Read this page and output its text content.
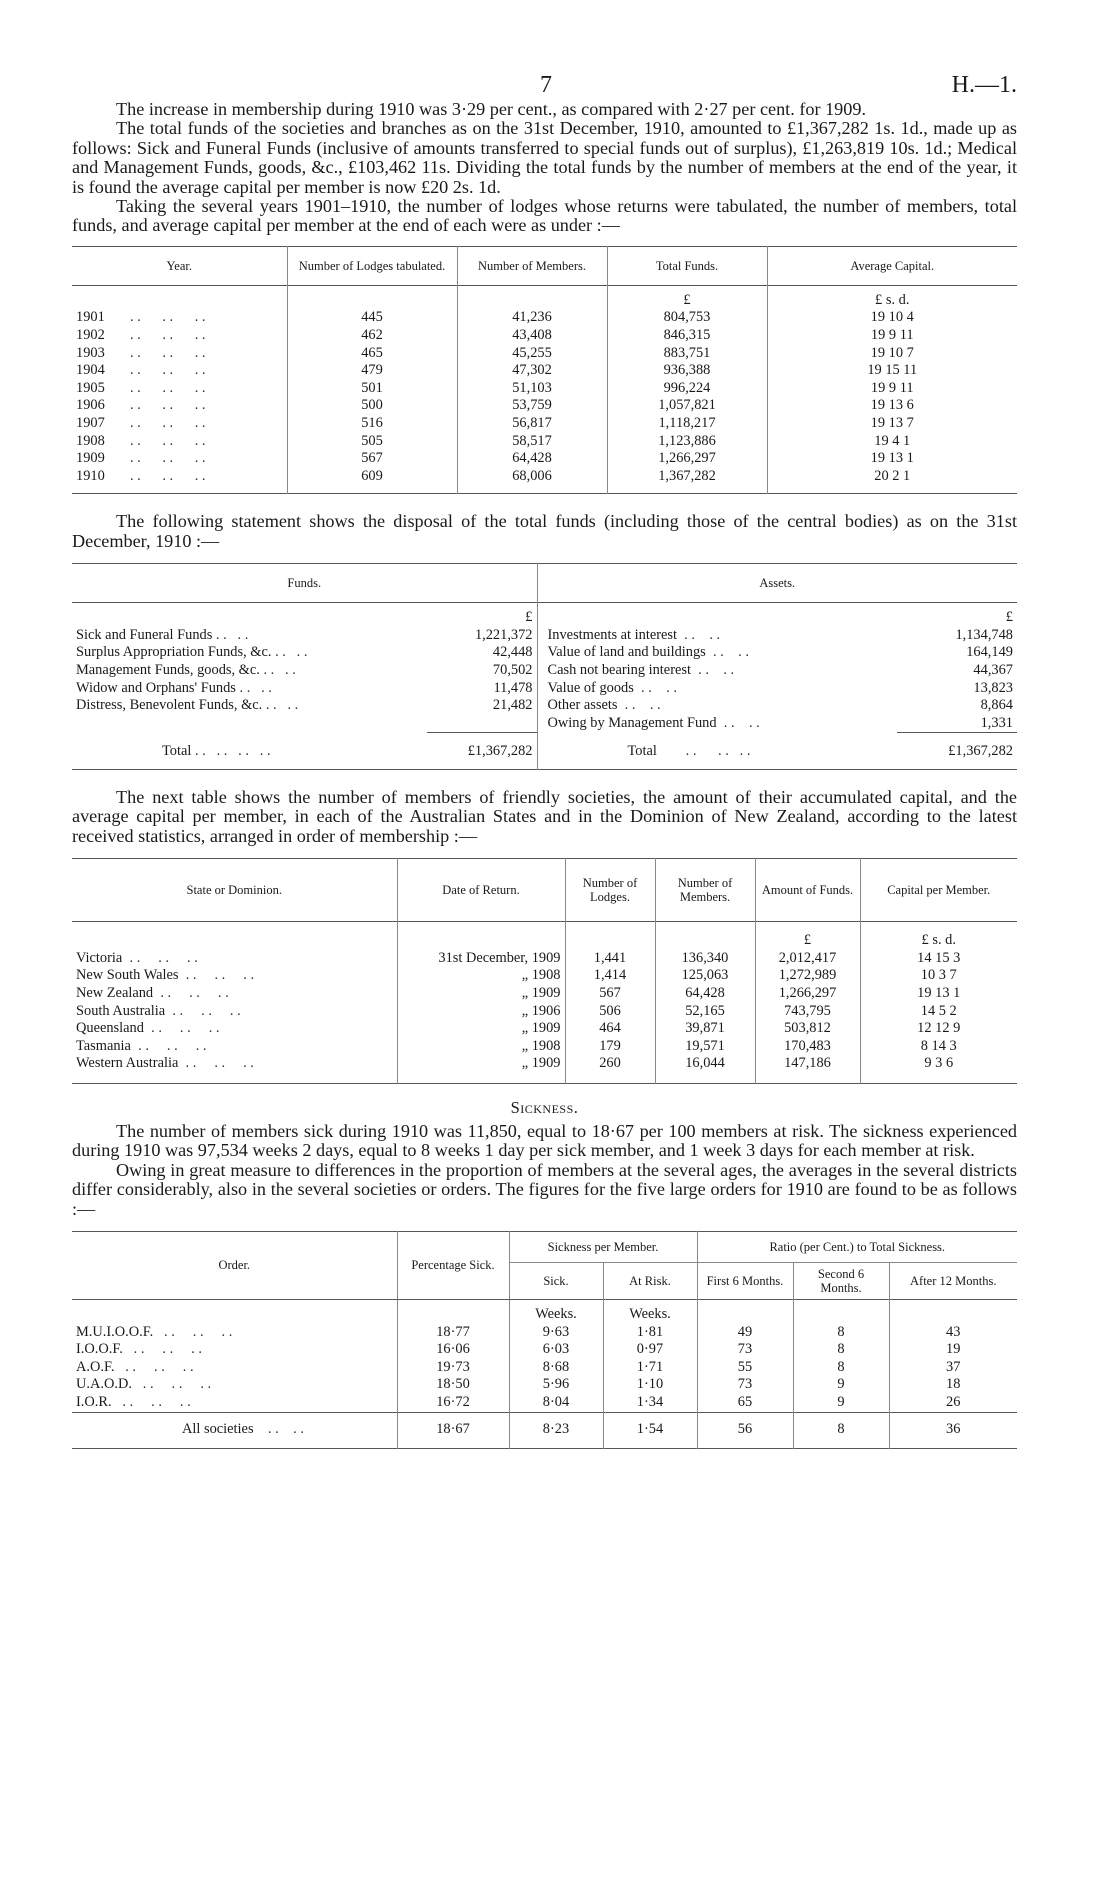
7	H.—1.

The increase in membership during 1910 was 3·29 per cent., as compared with 2·27 per cent. for 1909.

The total funds of the societies and branches as on the 31st December, 1910, amounted to £1,367,282 1s. 1d., made up as follows: Sick and Funeral Funds (inclusive of amounts transferred to special funds out of surplus), £1,263,819 10s. 1d.; Medical and Management Funds, goods, &c., £103,462 11s. Dividing the total funds by the number of members at the end of the year, it is found the average capital per member is now £20 2s. 1d.

Taking the several years 1901–1910, the number of lodges whose returns were tabulated, the number of members, total funds, and average capital per member at the end of each were as under :—

Year.	Number of Lodges tabulated.	Number of Members.	Total Funds.	Average Capital.
			£	£ s. d.
1901       . .      . .      . .	445	41,236	804,753	19 10 4
1902       . .      . .      . .	462	43,408	846,315	19 9 11
1903       . .      . .      . .	465	45,255	883,751	19 10 7
1904       . .      . .      . .	479	47,302	936,388	19 15 11
1905       . .      . .      . .	501	51,103	996,224	19 9 11
1906       . .      . .      . .	500	53,759	1,057,821	19 13 6
1907       . .      . .      . .	516	56,817	1,118,217	19 13 7
1908       . .      . .      . .	505	58,517	1,123,886	19 4 1
1909       . .      . .      . .	567	64,428	1,266,297	19 13 1
1910       . .      . .      . .	609	68,006	1,367,282	20 2 1

The following statement shows the disposal of the total funds (including those of the central bodies) as on the 31st December, 1910 :—

Funds.		Assets.	
	£		£
Sick and Funeral Funds . .   . .	1,221,372	Investments at interest  . .    . .	1,134,748
Surplus Appropriation Funds, &c. . .   . .	42,448	Value of land and buildings  . .    . .	164,149
Management Funds, goods, &c. . .   . .	70,502	Cash not bearing interest  . .    . .	44,367
Widow and Orphans' Funds . .   . .	11,478	Value of goods  . .    . .	13,823
Distress, Benevolent Funds, &c. . .   . .	21,482	Other assets  . .    . .	8,864
		Owing by Management Fund  . .    . .	1,331
Total . .   . .   . .   . .	£1,367,282	Total        . .      . .   . .	£1,367,282

The next table shows the number of members of friendly societies, the amount of their accumulated capital, and the average capital per member, in each of the Australian States and in the Dominion of New Zealand, according to the latest received statistics, arranged in order of membership :—

State or Dominion.	Date of Return.	Number of Lodges.	Number of Members.	Amount of Funds.	Capital per Member.
				£	£ s. d.
Victoria  . .     . .     . .	31st December, 1909	1,441	136,340	2,012,417	14 15 3
New South Wales  . .     . .     . .	„ 1908	1,414	125,063	1,272,989	10 3 7
New Zealand  . .     . .     . .	„ 1909	567	64,428	1,266,297	19 13 1
South Australia  . .     . .     . .	„ 1906	506	52,165	743,795	14 5 2
Queensland  . .     . .     . .	„ 1909	464	39,871	503,812	12 12 9
Tasmania  . .     . .     . .	„ 1908	179	19,571	170,483	8 14 3
Western Australia  . .     . .     . .	„ 1909	260	16,044	147,186	9 3 6

Sickness.

The number of members sick during 1910 was 11,850, equal to 18·67 per 100 members at risk. The sickness experienced during 1910 was 97,534 weeks 2 days, equal to 8 weeks 1 day per sick member, and 1 week 3 days for each member at risk.

Owing in great measure to differences in the proportion of members at the several ages, the averages in the several districts differ considerably, also in the several societies or orders. The figures for the five large orders for 1910 are found to be as follows :—

Order.	Percentage Sick.	Sickness per Member.		Ratio (per Cent.) to Total Sickness.		
		Sick.	At Risk.	First 6 Months.	Second 6 Months.	After 12 Months.
		Weeks.	Weeks.			
M.U.I.O.O.F.   . .     . .     . .	18·77	9·63	1·81	49	8	43
I.O.O.F.   . .     . .     . .	16·06	6·03	0·97	73	8	19
A.O.F.   . .     . .     . .	19·73	8·68	1·71	55	8	37
U.A.O.D.   . .     . .     . .	18·50	5·96	1·10	73	9	18
I.O.R.   . .     . .     . .	16·72	8·04	1·34	65	9	26
All societies    . .    . .	18·67	8·23	1·54	56	8	36
